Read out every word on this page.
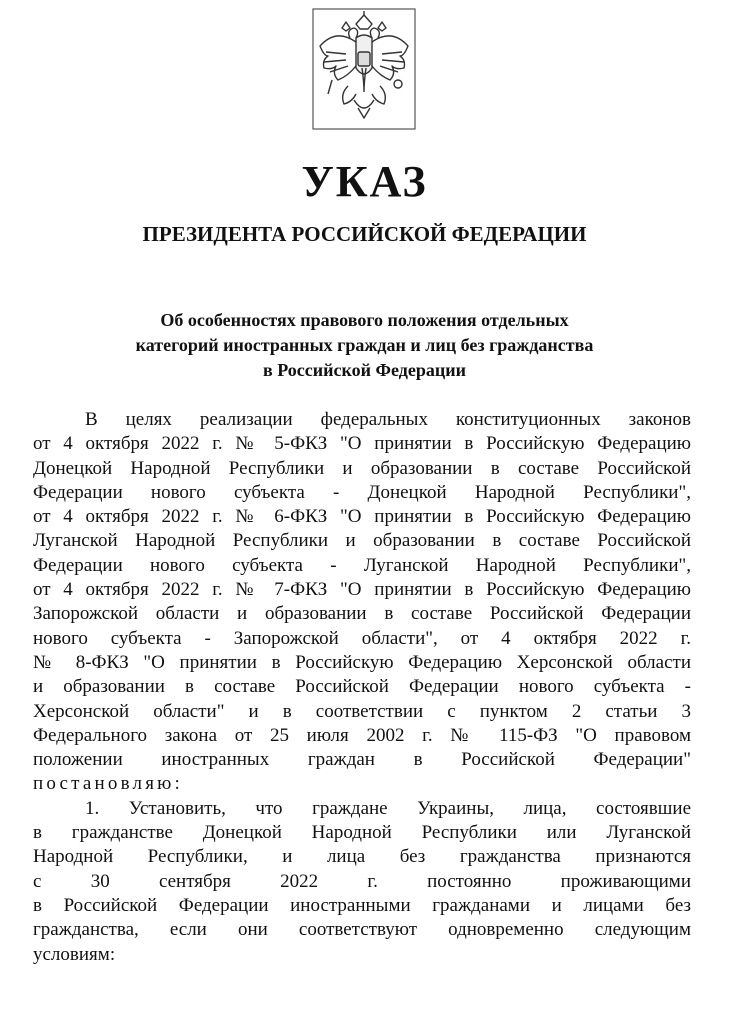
УКАЗ
ПРЕЗИДЕНТА РОССИЙСКОЙ ФЕДЕРАЦИИ
Об особенностях правового положения отдельных
категорий иностранных граждан и лиц без гражданства
в Российской Федерации
В целях реализации федеральных конституционных законов
от 4 октября 2022 г. № 5-ФКЗ "О принятии в Российскую Федерацию
Донецкой Народной Республики и образовании в составе Российской
Федерации нового субъекта - Донецкой Народной Республики",
от 4 октября 2022 г. № 6-ФКЗ "О принятии в Российскую Федерацию
Луганской Народной Республики и образовании в составе Российской
Федерации нового субъекта - Луганской Народной Республики",
от 4 октября 2022 г. № 7-ФКЗ "О принятии в Российскую Федерацию
Запорожской области и образовании в составе Российской Федерации
нового субъекта - Запорожской области", от 4 октября 2022 г.
№ 8-ФКЗ "О принятии в Российскую Федерацию Херсонской области
и образовании в составе Российской Федерации нового субъекта -
Херсонской области" и в соответствии с пунктом 2 статьи 3
Федерального закона от 25 июля 2002 г. № 115-ФЗ "О правовом
положении иностранных граждан в Российской Федерации"
постановляю:
1. Установить, что граждане Украины, лица, состоявшие
в гражданстве Донецкой Народной Республики или Луганской
Народной Республики, и лица без гражданства признаются
с 30 сентября 2022 г. постоянно проживающими
в Российской Федерации иностранными гражданами и лицами без
гражданства, если они соответствуют одновременно следующим
условиям:
